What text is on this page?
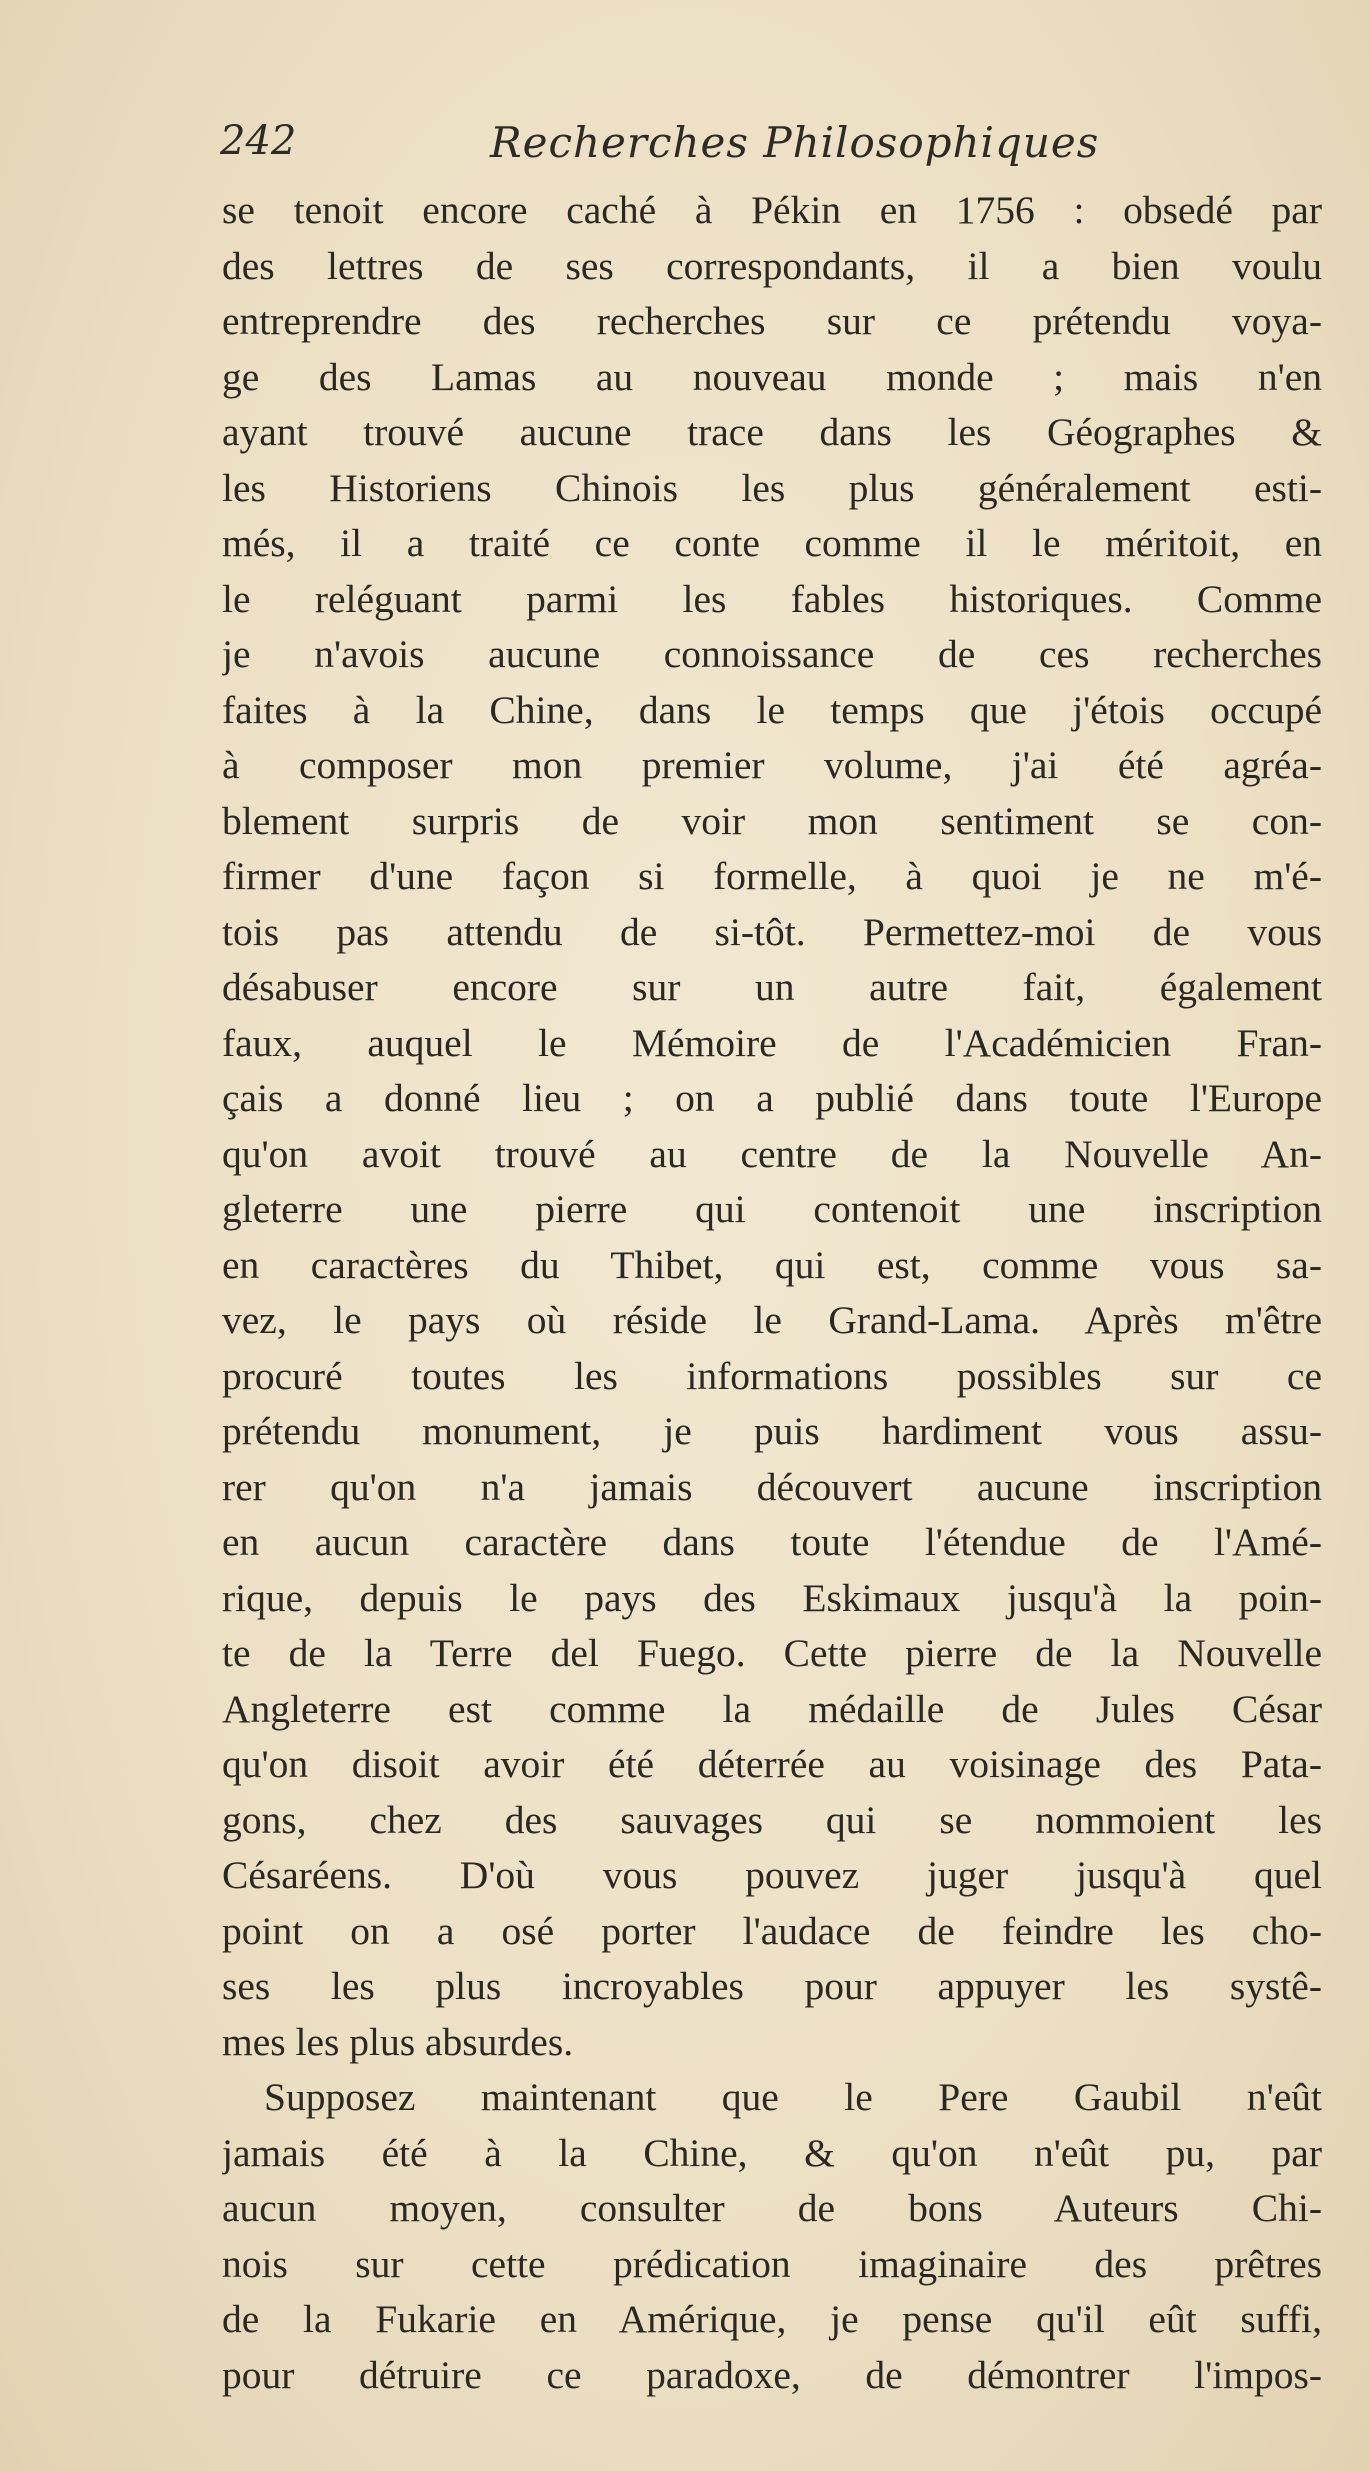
242	Recherches Philosophiques
se tenoit encore caché à Pékin en 1756 : obsedé par
des lettres de ses correspondants, il a bien voulu
entreprendre des recherches sur ce prétendu voya-
ge des Lamas au nouveau monde ; mais n'en
ayant trouvé aucune trace dans les Géographes &
les Historiens Chinois les plus généralement esti-
més, il a traité ce conte comme il le méritoit, en
le reléguant parmi les fables historiques. Comme
je n'avois aucune connoissance de ces recherches
faites à la Chine, dans le temps que j'étois occupé
à composer mon premier volume, j'ai été agréa-
blement surpris de voir mon sentiment se con-
firmer d'une façon si formelle, à quoi je ne m'é-
tois pas attendu de si-tôt. Permettez-moi de vous
désabuser encore sur un autre fait, également
faux, auquel le Mémoire de l'Académicien Fran-
çais a donné lieu ; on a publié dans toute l'Europe
qu'on avoit trouvé au centre de la Nouvelle An-
gleterre une pierre qui contenoit une inscription
en caractères du Thibet, qui est, comme vous sa-
vez, le pays où réside le Grand-Lama. Après m'être
procuré toutes les informations possibles sur ce
prétendu monument, je puis hardiment vous assu-
rer qu'on n'a jamais découvert aucune inscription
en aucun caractère dans toute l'étendue de l'Amé-
rique, depuis le pays des Eskimaux jusqu'à la poin-
te de la Terre del Fuego. Cette pierre de la Nouvelle
Angleterre est comme la médaille de Jules César
qu'on disoit avoir été déterrée au voisinage des Pata-
gons, chez des sauvages qui se nommoient les
Césaréens. D'où vous pouvez juger jusqu'à quel
point on a osé porter l'audace de feindre les cho-
ses les plus incroyables pour appuyer les systê-
mes les plus absurdes.
Supposez maintenant que le Pere Gaubil n'eût
jamais été à la Chine, & qu'on n'eût pu, par
aucun moyen, consulter de bons Auteurs Chi-
nois sur cette prédication imaginaire des prêtres
de la Fukarie en Amérique, je pense qu'il eût suffi,
pour détruire ce paradoxe, de démontrer l'impos-
